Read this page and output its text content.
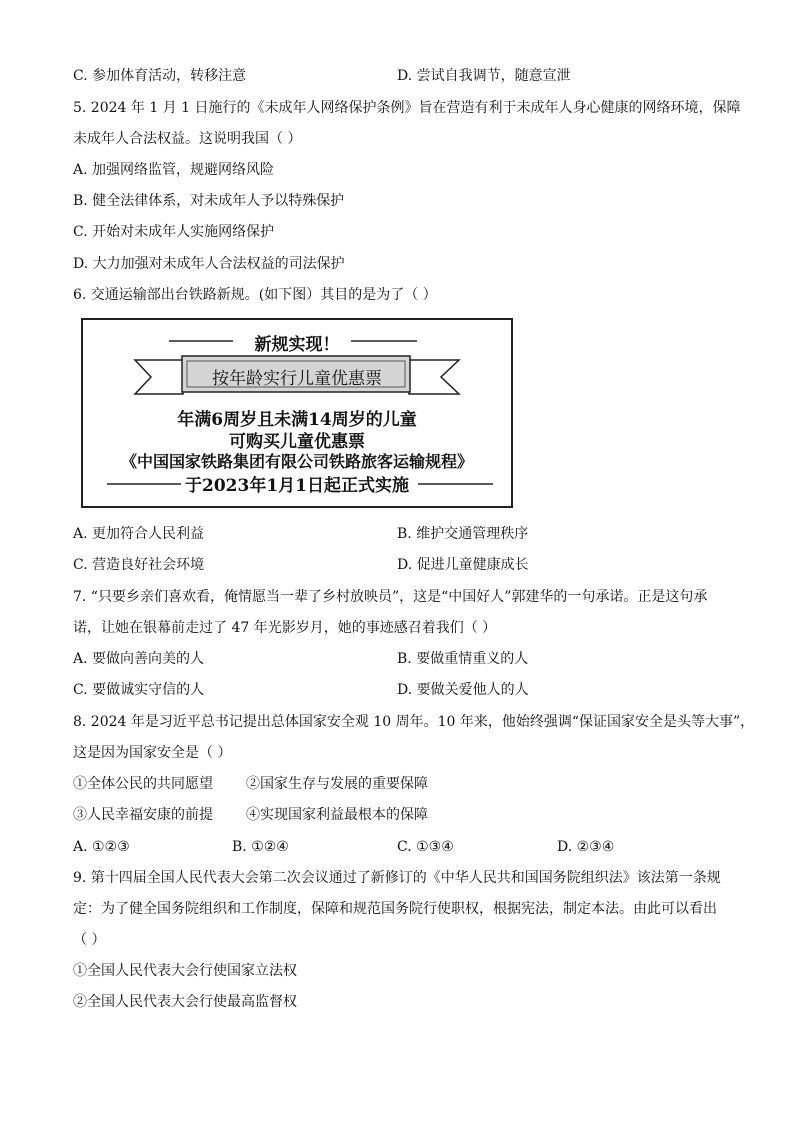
C. 参加体育活动，转移注意	D. 尝试自我调节，随意宣泄
5. 2024 年 1 月 1 日施行的《未成年人网络保护条例》旨在营造有利于未成年人身心健康的网络环境，保障
未成年人合法权益。这说明我国（ ）
A. 加强网络监管，规避网络风险
B. 健全法律体系，对未成年人予以特殊保护
C. 开始对未成年人实施网络保护
D. 大力加强对未成年人合法权益的司法保护
6. 交通运输部出台铁路新规。(如下图）其目的是为了（ ）
新规实现！
按年龄实行儿童优惠票
年满6周岁且未满14周岁的儿童
可购买儿童优惠票
《中国国家铁路集团有限公司铁路旅客运输规程》
于2023年1月1日起正式实施
A. 更加符合人民利益	B. 维护交通管理秩序
C. 营造良好社会环境	D. 促进儿童健康成长
7. “只要乡亲们喜欢看，俺情愿当一辈了乡村放映员”，这是“中国好人”郭建华的一句承诺。正是这句承
诺，让她在银幕前走过了 47 年光影岁月，她的事迹感召着我们（ ）
A. 要做向善向美的人	B. 要做重情重义的人
C. 要做诚实守信的人	D. 要做关爱他人的人
8. 2024 年是习近平总书记提出总体国家安全观 10 周年。10 年来，他始终强调“保证国家安全是头等大事”，
这是因为国家安全是（ ）
①全体公民的共同愿望 ②国家生存与发展的重要保障
③人民幸福安康的前提 ④实现国家利益最根本的保障
A. ①②③	B. ①②④	C. ①③④	D. ②③④
9. 第十四届全国人民代表大会第二次会议通过了新修订的《中华人民共和国国务院组织法》该法第一条规
定：为了健全国务院组织和工作制度，保障和规范国务院行使职权，根据宪法，制定本法。由此可以看出
（ ）
①全国人民代表大会行使国家立法权
②全国人民代表大会行使最高监督权
